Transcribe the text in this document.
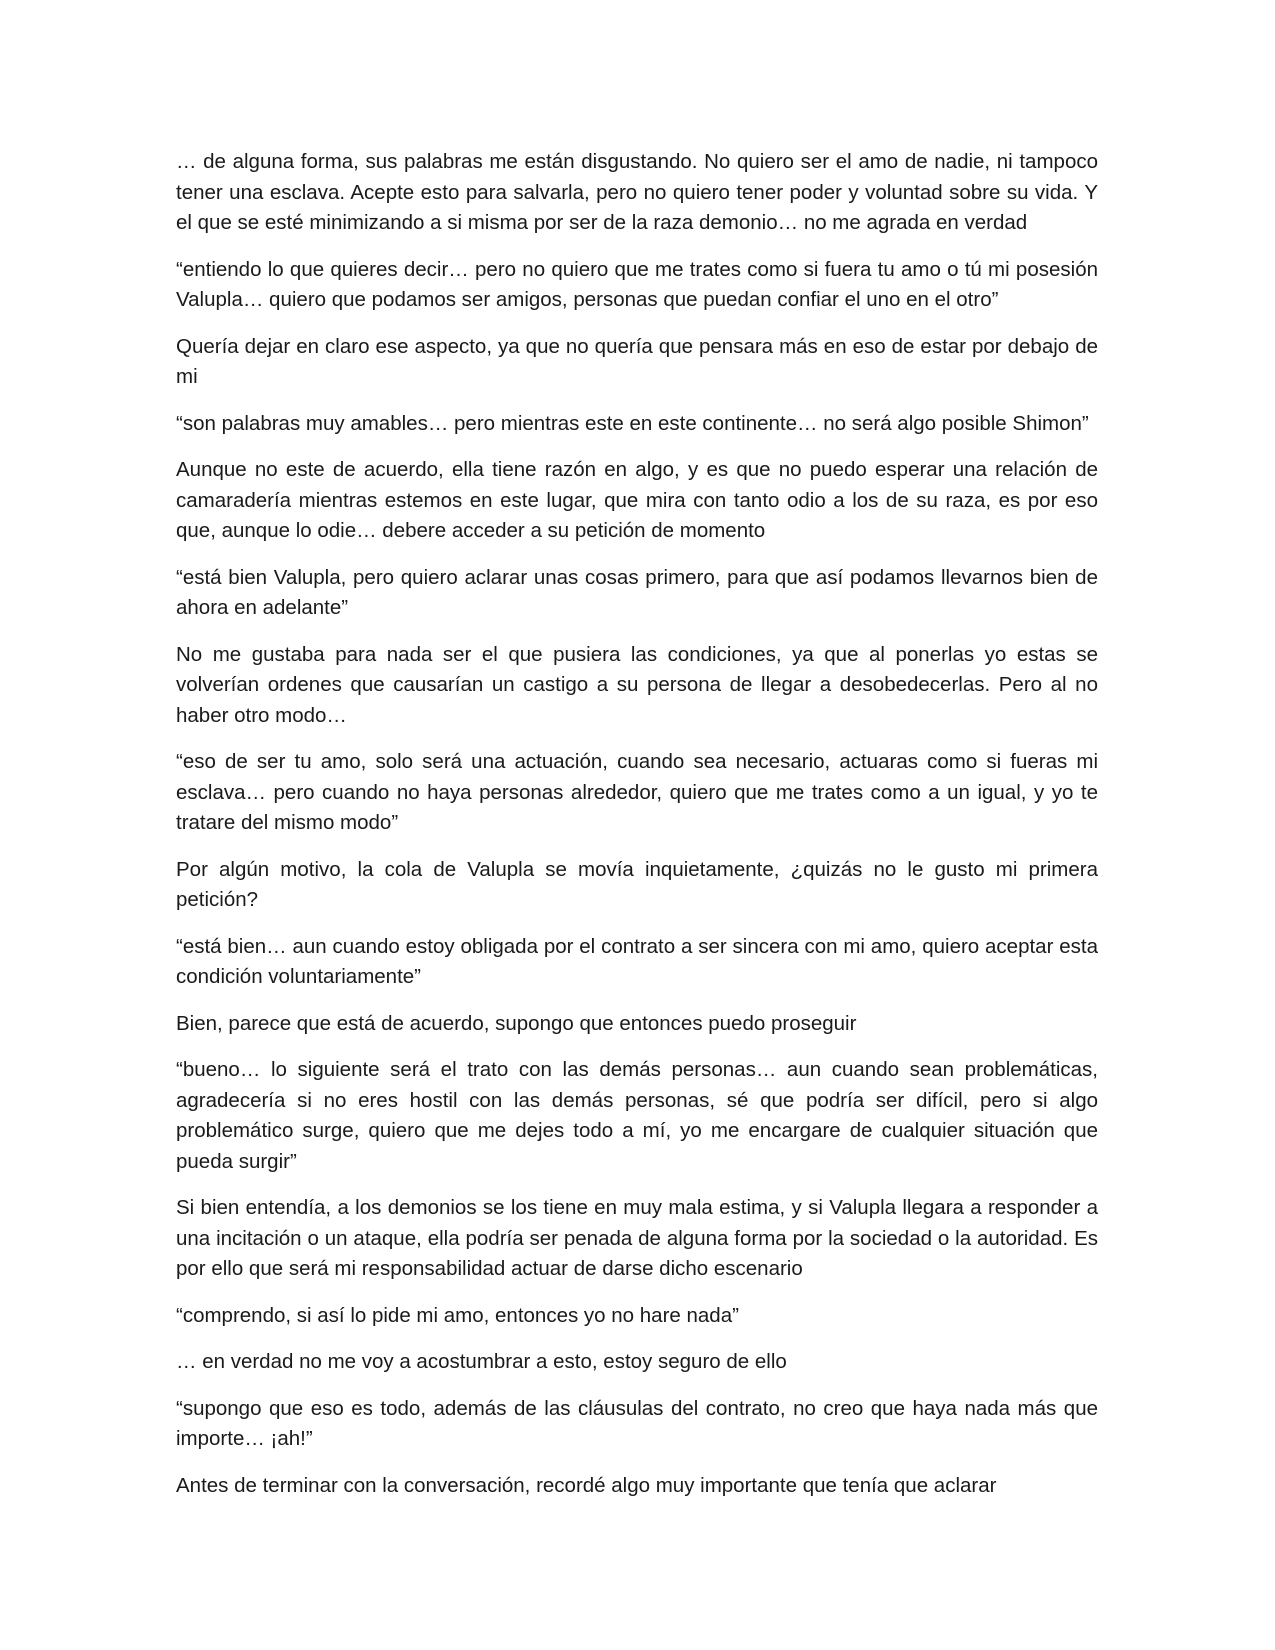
… de alguna forma, sus palabras me están disgustando. No quiero ser el amo de nadie, ni tampoco tener una esclava. Acepte esto para salvarla, pero no quiero tener poder y voluntad sobre su vida. Y el que se esté minimizando a si misma por ser de la raza demonio… no me agrada en verdad

“entiendo lo que quieres decir… pero no quiero que me trates como si fuera tu amo o tú mi posesión Valupla… quiero que podamos ser amigos, personas que puedan confiar el uno en el otro”

Quería dejar en claro ese aspecto, ya que no quería que pensara más en eso de estar por debajo de mi

“son palabras muy amables… pero mientras este en este continente… no será algo posible Shimon”

Aunque no este de acuerdo, ella tiene razón en algo, y es que no puedo esperar una relación de camaradería mientras estemos en este lugar, que mira con tanto odio a los de su raza, es por eso que, aunque lo odie… debere acceder a su petición de momento

“está bien Valupla, pero quiero aclarar unas cosas primero, para que así podamos llevarnos bien de ahora en adelante”

No me gustaba para nada ser el que pusiera las condiciones, ya que al ponerlas yo estas se volverían ordenes que causarían un castigo a su persona de llegar a desobedecerlas. Pero al no haber otro modo…

“eso de ser tu amo, solo será una actuación, cuando sea necesario, actuaras como si fueras mi esclava… pero cuando no haya personas alrededor, quiero que me trates como a un igual, y yo te tratare del mismo modo”

Por algún motivo, la cola de Valupla se movía inquietamente, ¿quizás no le gusto mi primera petición?

“está bien… aun cuando estoy obligada por el contrato a ser sincera con mi amo, quiero aceptar esta condición voluntariamente”

Bien, parece que está de acuerdo, supongo que entonces puedo proseguir

“bueno… lo siguiente será el trato con las demás personas… aun cuando sean problemáticas, agradecería si no eres hostil con las demás personas, sé que podría ser difícil, pero si algo problemático surge, quiero que me dejes todo a mí, yo me encargare de cualquier situación que pueda surgir”

Si bien entendía, a los demonios se los tiene en muy mala estima, y si Valupla llegara a responder a una incitación o un ataque, ella podría ser penada de alguna forma por la sociedad o la autoridad. Es por ello que será mi responsabilidad actuar de darse dicho escenario

“comprendo, si así lo pide mi amo, entonces yo no hare nada”

… en verdad no me voy a acostumbrar a esto, estoy seguro de ello

“supongo que eso es todo, además de las cláusulas del contrato, no creo que haya nada más que importe… ¡ah!”

Antes de terminar con la conversación, recordé algo muy importante que tenía que aclarar
